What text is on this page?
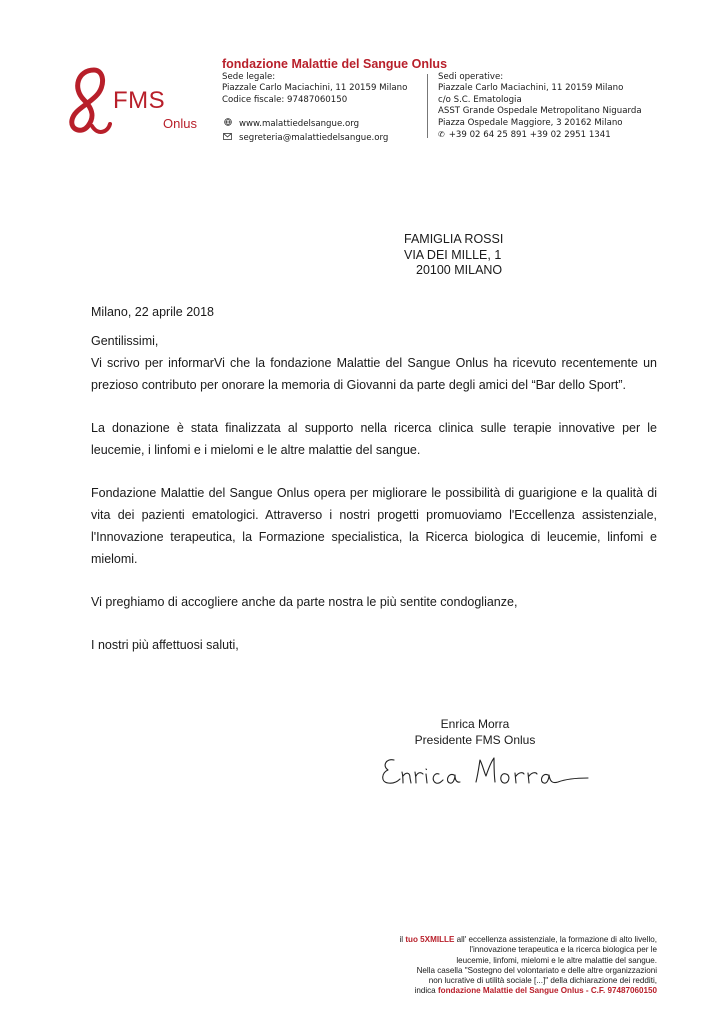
FMS
Onlus
fondazione Malattie del Sangue Onlus
Sede legale:
Piazzale Carlo Maciachini, 11 20159 Milano
Codice fiscale: 97487060150
Sedi operative:
Piazzale Carlo Maciachini, 11 20159 Milano
c/o S.C. Ematologia
ASST Grande Ospedale Metropolitano Niguarda
Piazza Ospedale Maggiore, 3 20162 Milano
✆ +39 02 64 25 891 +39 02 2951 1341
www.malattiedelsangue.org
segreteria@malattiedelsangue.org
FAMIGLIA ROSSI
VIA DEI MILLE, 1
20100 MILANO
Milano, 22 aprile 2018

Gentilissimi,

Vi scrivo per informarVi che la fondazione Malattie del Sangue Onlus ha ricevuto recentemente un prezioso contributo per onorare la memoria di Giovanni da parte degli amici del “Bar dello Sport”.

La donazione è stata finalizzata al supporto nella ricerca clinica sulle terapie innovative per le leucemie, i linfomi e i mielomi e le altre malattie del sangue.

Fondazione Malattie del Sangue Onlus opera per migliorare le possibilità di guarigione e la qualità di vita dei pazienti ematologici. Attraverso i nostri progetti promuoviamo l'Eccellenza assistenziale, l'Innovazione terapeutica, la Formazione specialistica, la Ricerca biologica di leucemie, linfomi e mielomi.

Vi preghiamo di accogliere anche da parte nostra le più sentite condoglianze,

I nostri più affettuosi saluti,

Enrica Morra
Presidente FMS Onlus
il tuo 5XMILLE all' eccellenza assistenziale, la formazione di alto livello,
l'innovazione terapeutica e la ricerca biologica per le
leucemie, linfomi, mielomi e le altre malattie del sangue.
Nella casella "Sostegno del volontariato e delle altre organizzazioni
non lucrative di utilità sociale [...]" della dichiarazione dei redditi,
indica fondazione Malattie del Sangue Onlus - C.F. 97487060150
